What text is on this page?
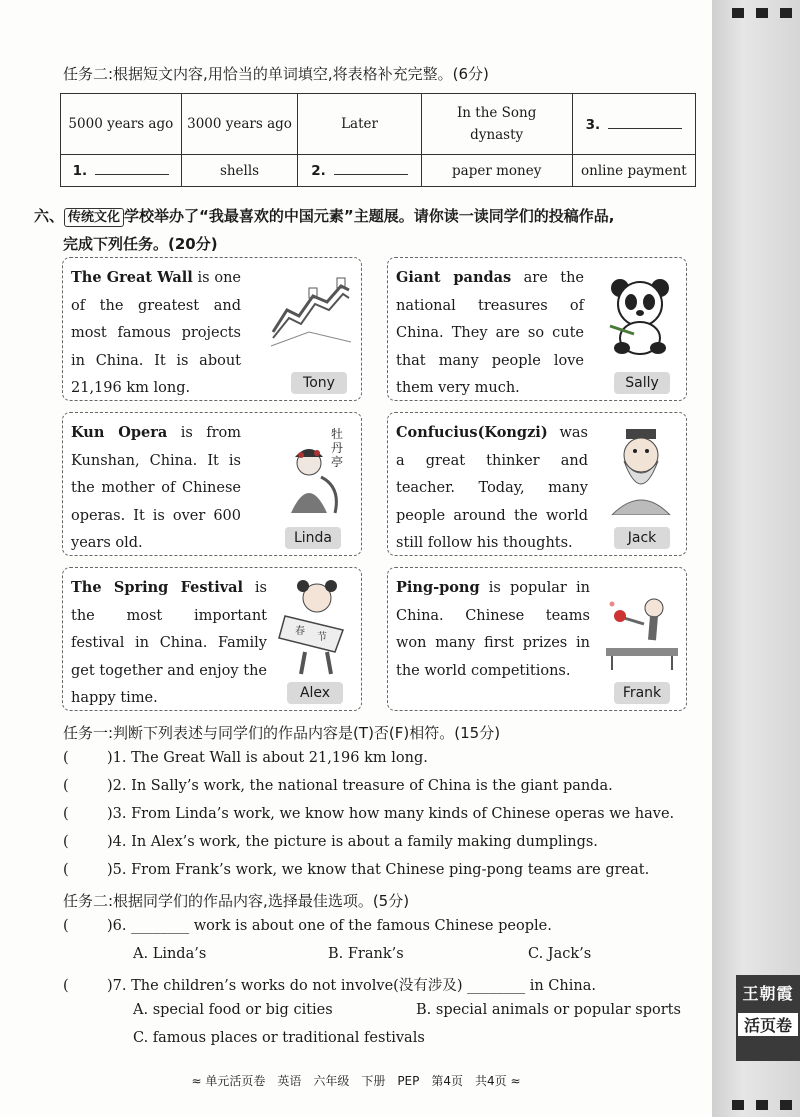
任务二:根据短文内容,用恰当的单词填空,将表格补充完整。(6分)
5000 years ago	3000 years ago	Later	In the Song dynasty	3.
1.	shells	2.	paper money	online payment
六、 传统文化 学校举办了“我最喜欢的中国元素”主题展。请你读一读同学们的投稿作品,
完成下列任务。(20分)
The Great Wall is one of the greatest and most famous projects in China. It is about 21,196 km long.	Tony
Giant pandas are the national treasures of China. They are so cute that many people love them very much.	Sally
Kun Opera is from Kunshan, China. It is the mother of Chinese operas. It is over 600 years old.
牡丹亭
Linda
Confucius(Kongzi) was a great thinker and teacher. Today, many people around the world still follow his thoughts.	Jack
The Spring Festival is the most important festival in China. Family get together and enjoy the happy time.
春
节
Alex
Ping-pong is popular in China. Chinese teams won many first prizes in the world competitions.
Frank
任务一:判断下列表述与同学们的作品内容是(T)否(F)相符。(15分)
(	)1. The Great Wall is about 21,196 km long.
(	)2. In Sally’s work, the national treasure of China is the giant panda.
(	)3. From Linda’s work, we know how many kinds of Chinese operas we have.
(	)4. In Alex’s work, the picture is about a family making dumplings.
(	)5. From Frank’s work, we know that Chinese ping-pong teams are great.
任务二:根据同学们的作品内容,选择最佳选项。(5分)
(	)6. ________ work is about one of the famous Chinese people.
A. Linda’s	B. Frank’s	C. Jack’s
(	)7. The children’s works do not involve(没有涉及) ________ in China.
A. special food or big cities	B. special animals or popular sports
C. famous places or traditional festivals
≈ 单元活页卷　英语　六年级　下册　PEP　第4页　共4页 ≈
王朝霞
活页卷
